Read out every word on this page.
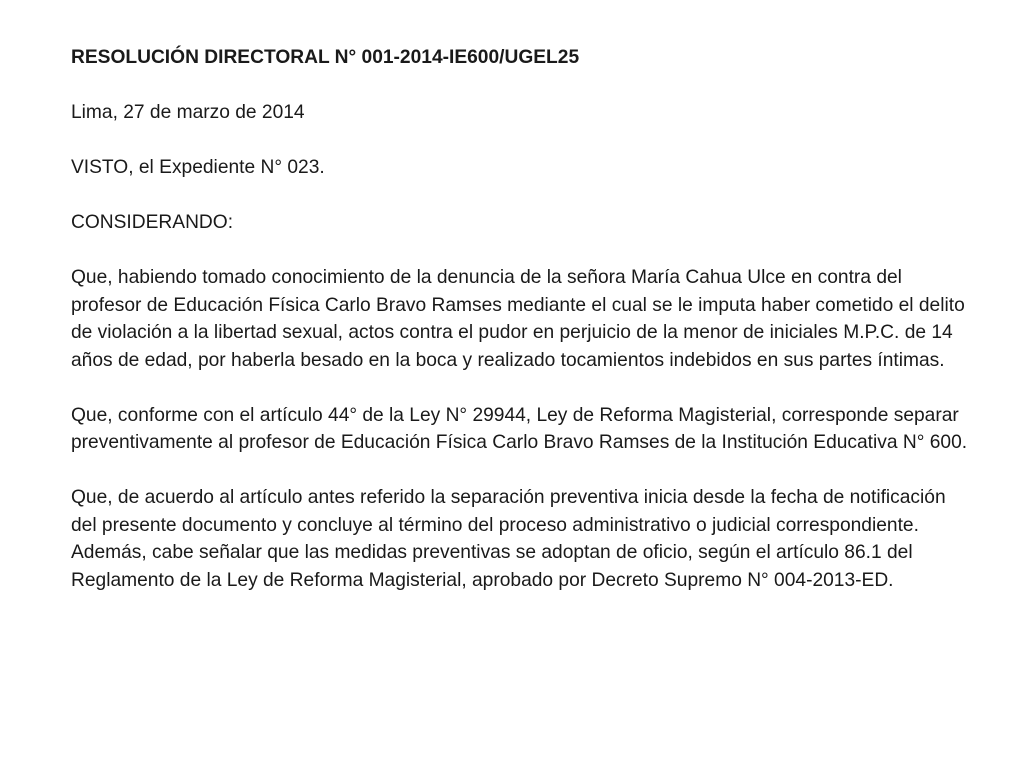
RESOLUCIÓN DIRECTORAL N° 001-2014-IE600/UGEL25

Lima, 27 de marzo de 2014

VISTO, el Expediente N° 023.

CONSIDERANDO:

Que, habiendo tomado conocimiento de la denuncia de la señora María Cahua Ulce en contra del profesor de Educación Física Carlo Bravo Ramses mediante el cual se le imputa haber cometido el delito de violación a la libertad sexual, actos contra el pudor en perjuicio de la menor de iniciales M.P.C. de 14 años de edad, por haberla besado en la boca y realizado tocamientos indebidos en sus partes íntimas.

Que, conforme con el artículo 44° de la Ley N° 29944, Ley de Reforma Magisterial, corresponde separar preventivamente al profesor de Educación Física Carlo Bravo Ramses de la Institución Educativa N° 600.

Que, de acuerdo al artículo antes referido la separación preventiva inicia desde la fecha de notificación del presente documento y concluye al término del proceso administrativo o judicial correspondiente. Además, cabe señalar que las medidas preventivas se adoptan de oficio, según el artículo 86.1 del Reglamento de la Ley de Reforma Magisterial, aprobado por Decreto Supremo N° 004-2013-ED.
